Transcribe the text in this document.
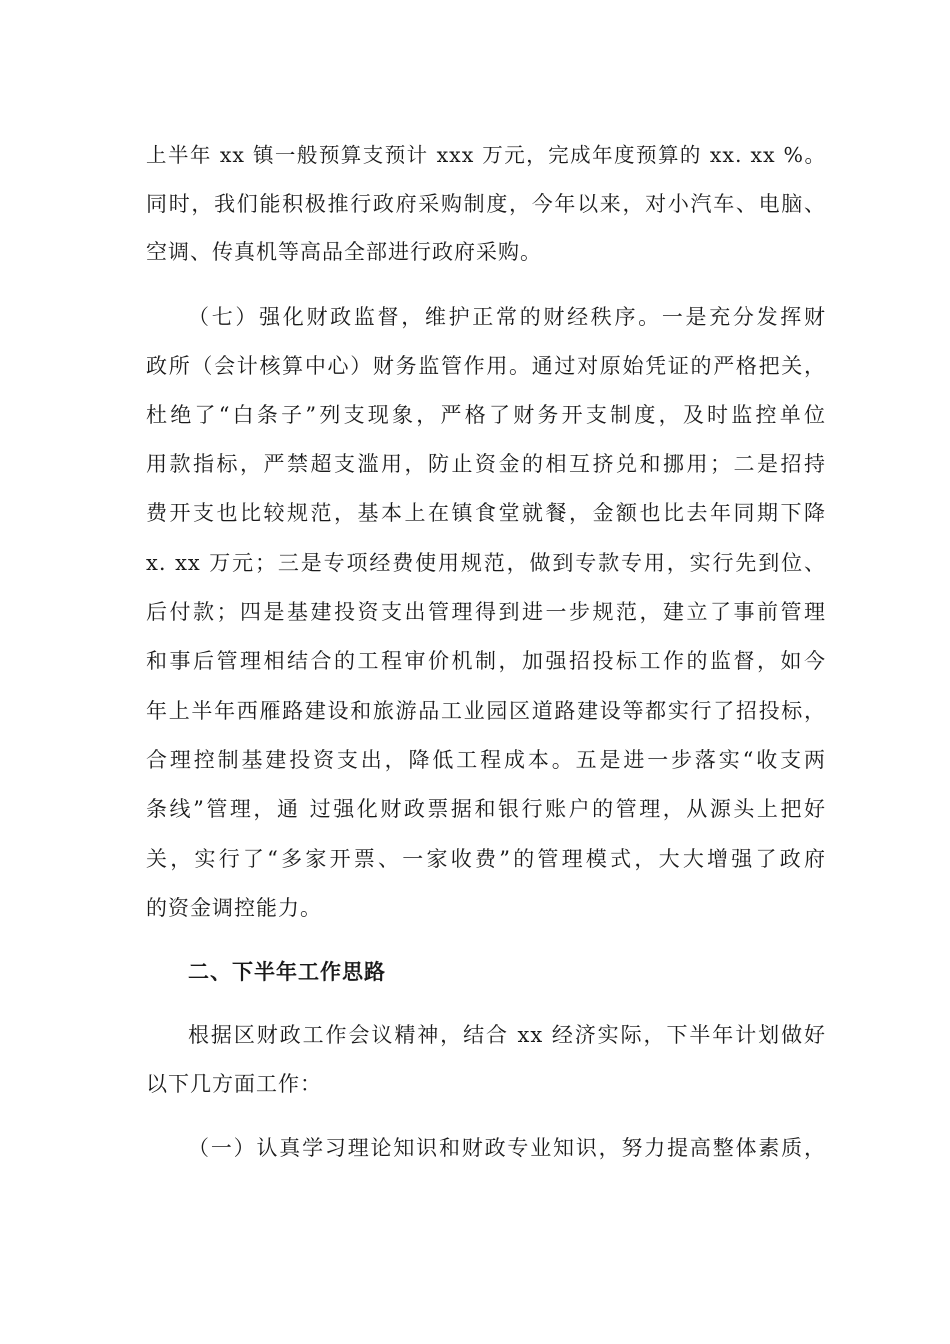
上半年 xx 镇一般预算支预计 xxx 万元，完成年度预算的 xx. xx %。
同时，我们能积极推行政府采购制度，今年以来，对小汽车、电脑、
空调、传真机等高品全部进行政府采购。
（七）强化财政监督，维护正常的财经秩序。一是充分发挥财
政所（会计核算中心）财务监管作用。通过对原始凭证的严格把关，
杜绝了“白条子”列支现象，严格了财务开支制度，及时监控单位
用款指标，严禁超支滥用，防止资金的相互挤兑和挪用；二是招持
费开支也比较规范，基本上在镇食堂就餐，金额也比去年同期下降
x. xx 万元；三是专项经费使用规范，做到专款专用，实行先到位、
后付款；四是基建投资支出管理得到进一步规范，建立了事前管理
和事后管理相结合的工程审价机制，加强招投标工作的监督，如今
年上半年西雁路建设和旅游品工业园区道路建设等都实行了招投标，
合理控制基建投资支出，降低工程成本。五是进一步落实“收支两
条线”管理，通 过强化财政票据和银行账户的管理，从源头上把好
关，实行了“多家开票、一家收费”的管理模式，大大增强了政府
的资金调控能力。
二、下半年工作思路
根据区财政工作会议精神，结合 xx 经济实际，下半年计划做好
以下几方面工作：
（一）认真学习理论知识和财政专业知识，努力提高整体素质，
